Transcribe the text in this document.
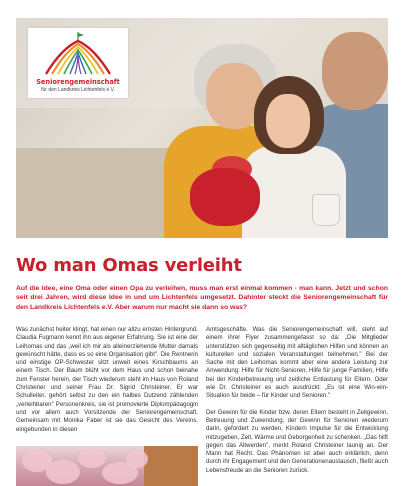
Seniorengemeinschaft
für den Landkreis Lichtenfels e.V.
Wo man Omas verleiht

Auf die Idee, eine Oma oder einen Opa zu verleihen, muss man erst einmal kommen - man kann. Jetzt und schon seit drei Jahren, wird diese Idee in und um Lichtenfels umgesetzt. Dahinter steckt die Seniorengemeinschaft für den Landkreis Lichtenfels e.V. Aber warum nur macht sie dann so was?

Was zunächst heiter klingt, hat einen nur allzu ernsten Hintergrund. Claudia Fugmann kennt ihn aus eigener Erfahrung. Sie ist eine der Leihomas und das „weil ich mir als alleinerziehende Mutter damals gewünscht hätte, dass es so eine Organisation gibt". Die Rentnerin und einstige OP-Schwester sitzt unweit eines Kirschbaums an einem Tisch. Der Baum blüht vor dem Haus und schon beinahe zum Fenster herein, der Tisch wiederum steht im Haus von Roland Christeiner und seiner Frau Dr. Sigrid Christeiner. Er war Schulleiter, gehört selbst zu den ein halbes Dutzend zählenden „verleihbaren" Personenkreis, sie ist promovierte Diplompädagogin und vor allem auch Vorsitzende der Seniorengemeinschaft. Gemeinsam mit Monika Faber ist sie das Gesicht des Vereins, eingebunden in diesen

Amtsgeschäfte. Was die Seniorengemeinschaft will, steht auf einem ihrer Flyer zusammengefasst so da: „Die Mitglieder unterstützen sich gegenseitig mit alltäglichen Hilfen und können an kulturellen und sozialen Veranstaltungen teilnehmen." Bei der Sache mit den Leihomas kommt aber eine andere Leistung zur Anwendung: Hilfe für Nicht-Senioren, Hilfe für junge Familien, Hilfe bei der Kinderbetreuung und zeitliche Entlastung für Eltern. Oder wie Dr. Christeiner es auch ausdrückt: „Es ist eine Win-win-Situation für beide – für Kinder und Senioren."

Der Gewinn für die Kinder bzw. deren Eltern besteht in Zeitgewinn, Betreuung und Zuwendung, der Gewinn für Senioren wiederum darin, gefordert zu werden, Kindern Impulse für die Entwicklung mitzugeben, Zeit, Wärme und Geborgenheit zu schenken. „Das hilft gegen das Altwerden", merkt Roland Christeiner launig an. Der Mann hat Recht. Das Phänomen ist aber auch erklärlich, denn durch ihr Engagement und den Generationenaustausch, fließt auch Lebensfreude an die Senioren zurück.
